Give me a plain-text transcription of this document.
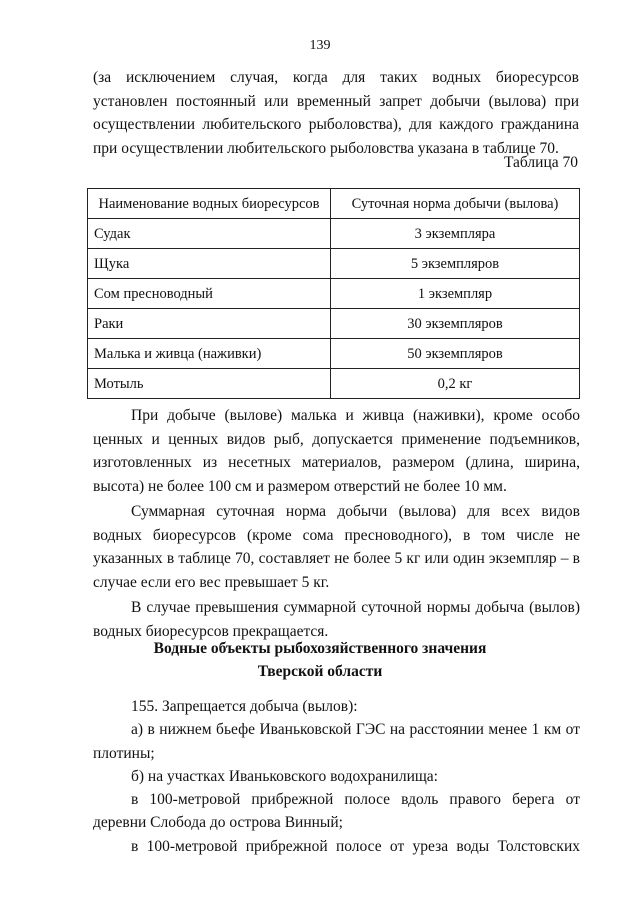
139
(за исключением случая, когда для таких водных биоресурсов установлен постоянный или временный запрет добычи (вылова) при осуществлении любительского рыболовства), для каждого гражданина при осуществлении любительского рыболовства указана в таблице 70.
Таблица 70
Наименование водных биоресурсов	Суточная норма добычи (вылова)
Судак	3 экземпляра
Щука	5 экземпляров
Сом пресноводный	1 экземпляр
Раки	30 экземпляров
Малька и живца (наживки)	50 экземпляров
Мотыль	0,2 кг

При добыче (вылове) малька и живца (наживки), кроме особо ценных и ценных видов рыб, допускается применение подъемников, изготовленных из несетных материалов, размером (длина, ширина, высота) не более 100 см и размером отверстий не более 10 мм.

Суммарная суточная норма добычи (вылова) для всех видов водных биоресурсов (кроме сома пресноводного), в том числе не указанных в таблице 70, составляет не более 5 кг или один экземпляр – в случае если его вес превышает 5 кг.

В случае превышения суммарной суточной нормы добыча (вылов) водных биоресурсов прекращается.

Водные объекты рыбохозяйственного значения
Тверской области

155. Запрещается добыча (вылов):

а) в нижнем бьефе Иваньковской ГЭС на расстоянии менее 1 км от плотины;

б) на участках Иваньковского водохранилища:

в 100-метровой прибрежной полосе вдоль правого берега от деревни Слобода до острова Винный;

в 100-метровой прибрежной полосе от уреза воды Толстовских
